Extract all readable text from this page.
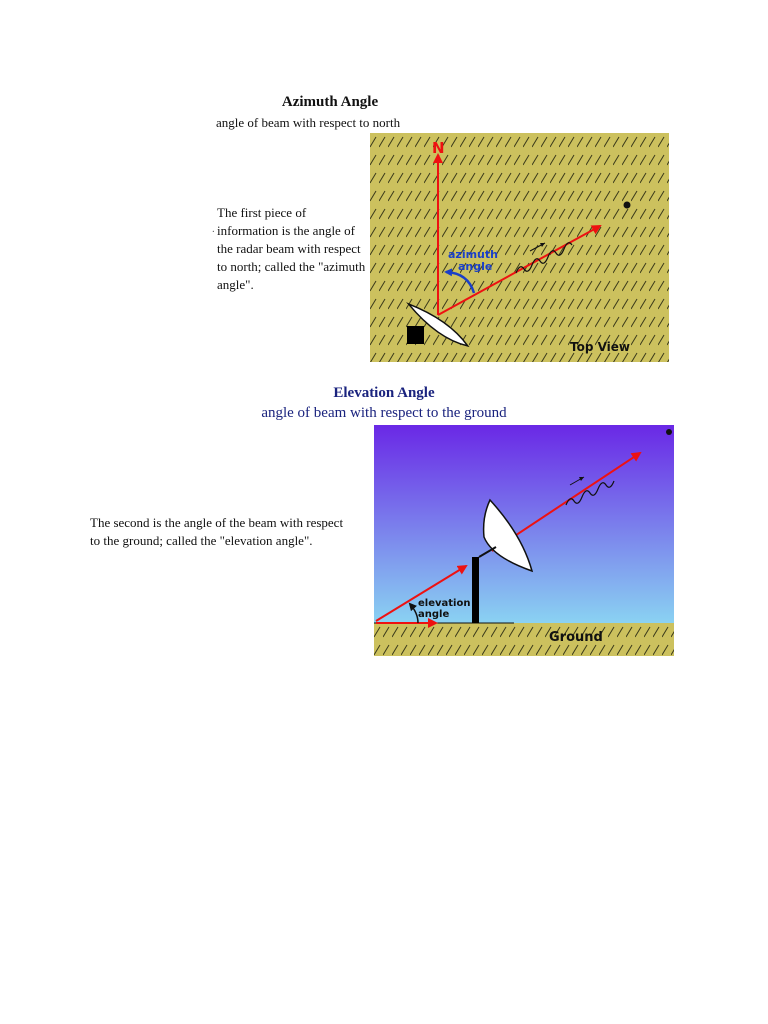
Azimuth Angle
angle of beam with respect to north
.
The first piece of information is the angle of the radar beam with respect to north; called the "azimuth angle".
N
azimuth
angle
Top View
Elevation Angle
angle of beam with respect to the ground
The second is the angle of the beam with respect to the ground; called the "elevation angle".
elevation
angle
Ground
